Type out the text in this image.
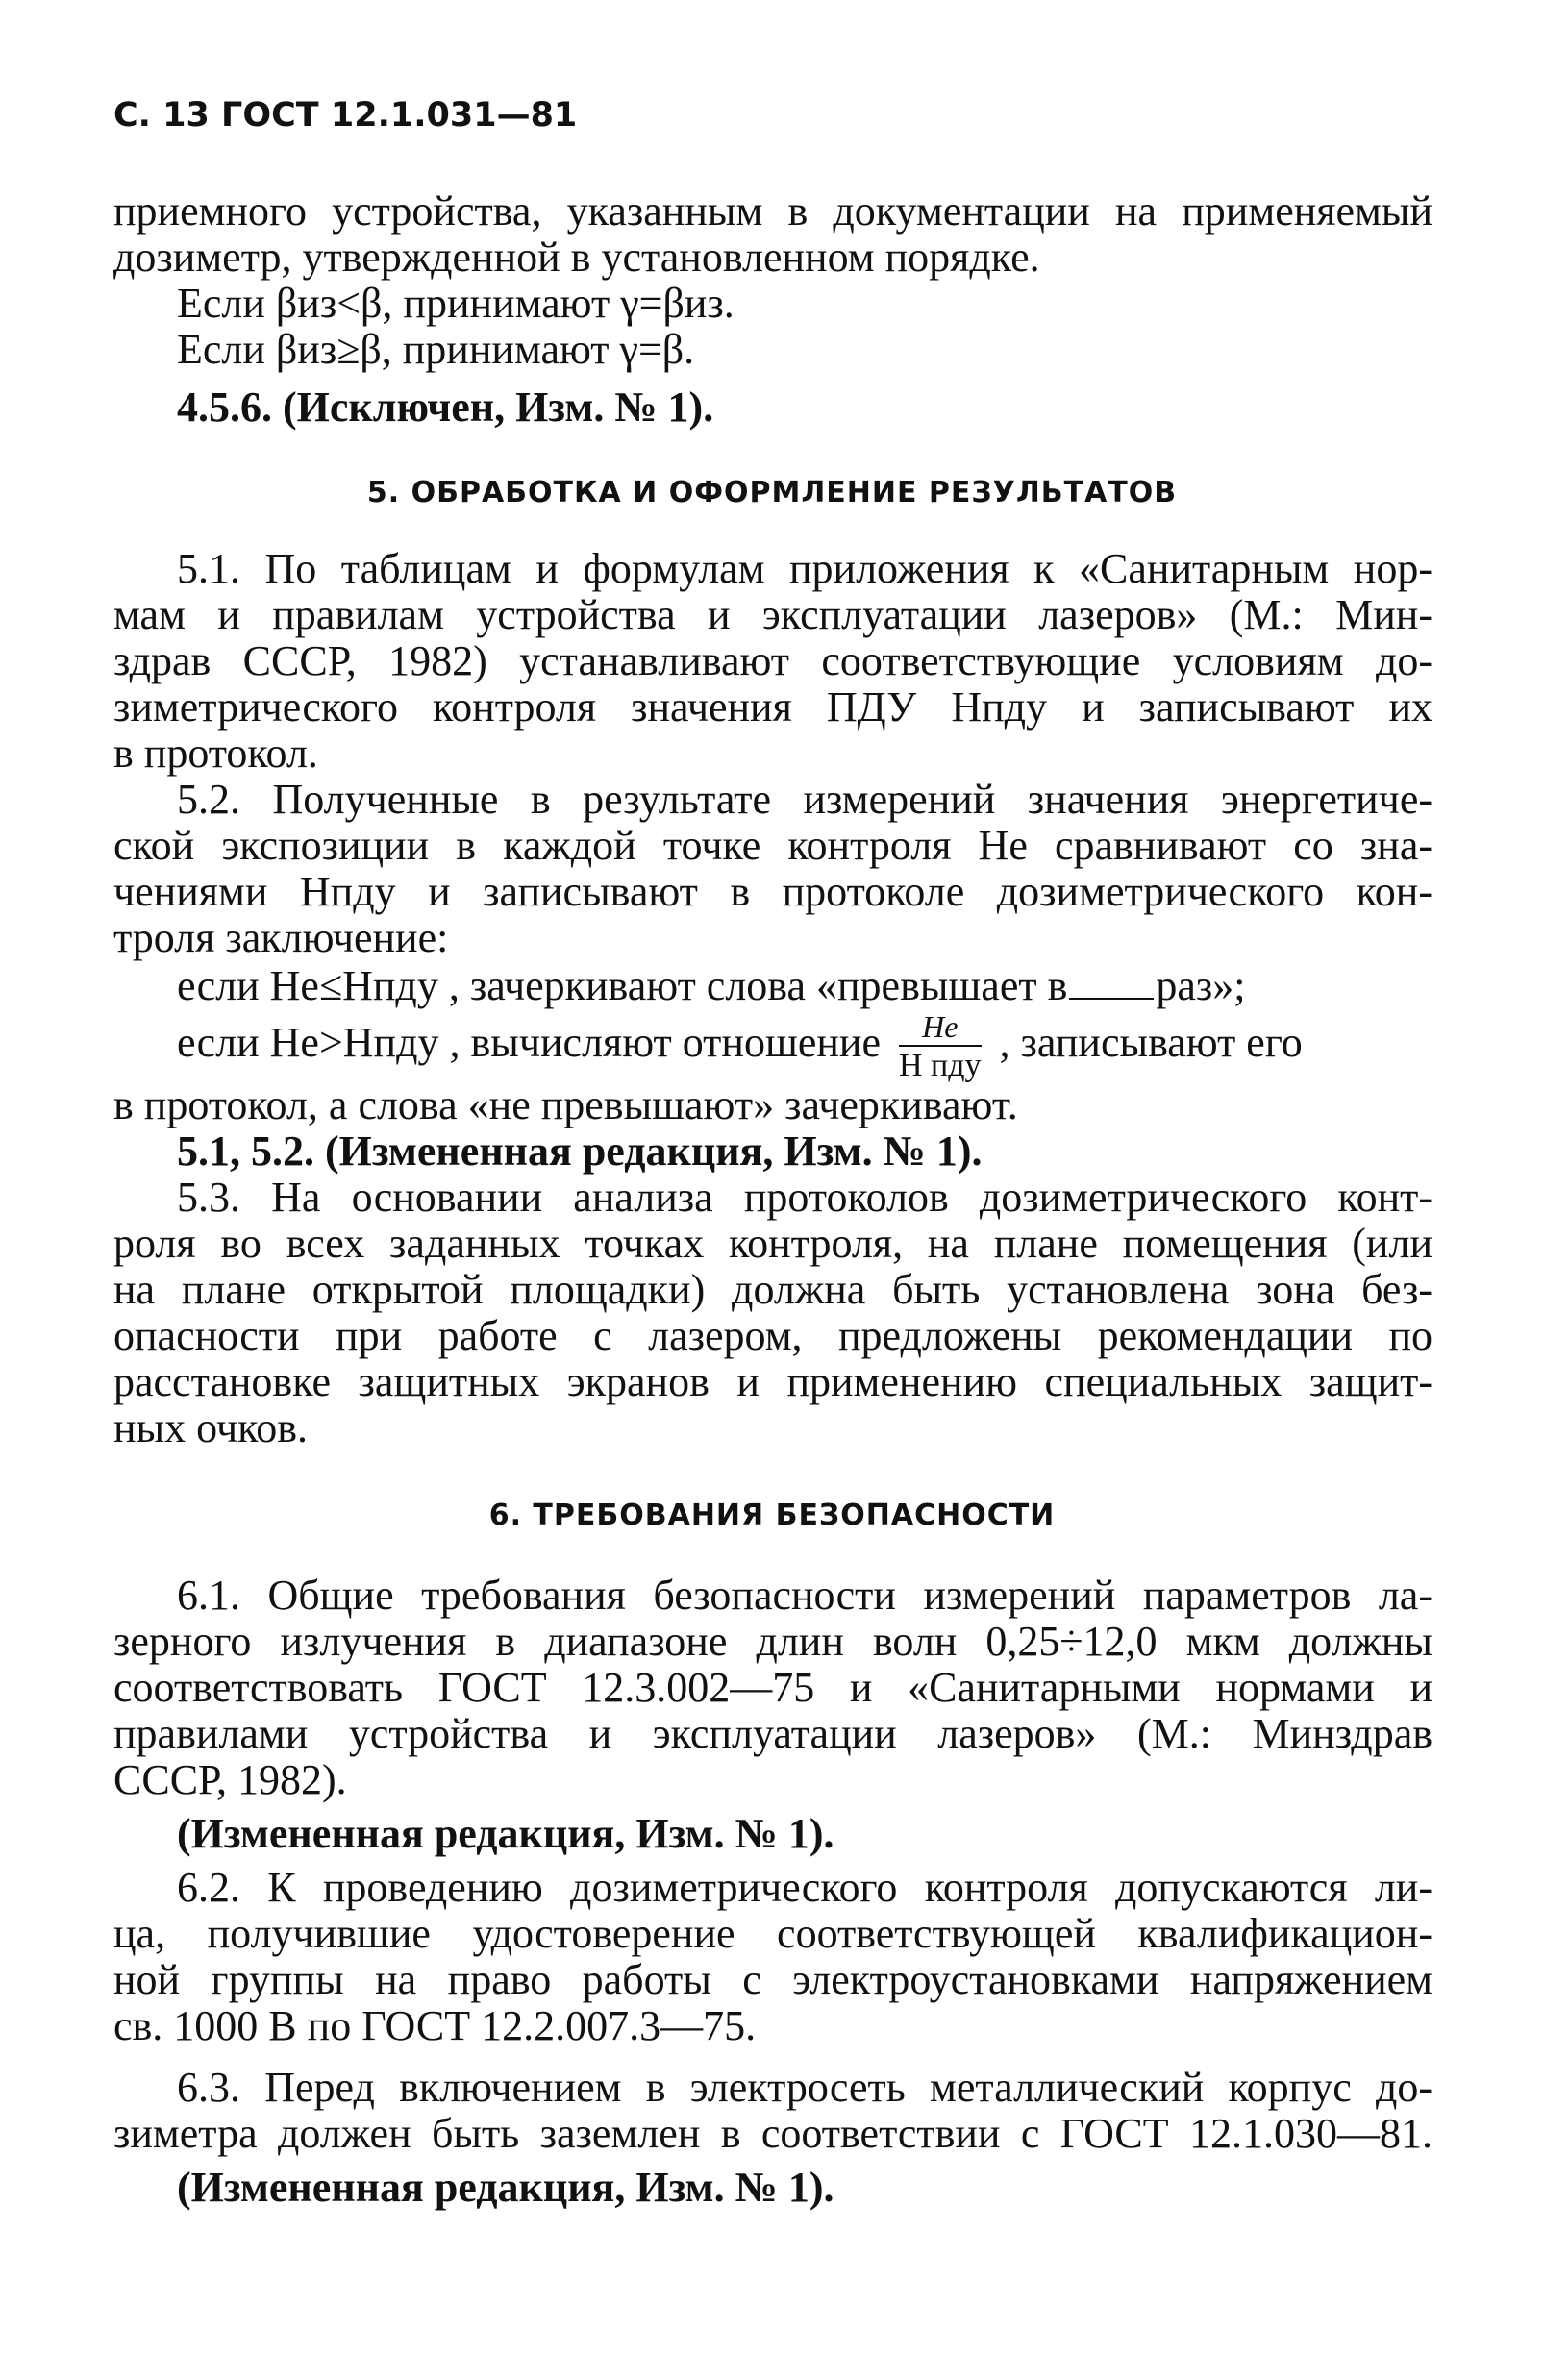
С. 13 ГОСТ 12.1.031—81
приемного устройства, указанным в документации на применяемый
дозиметр, утвержденной в установленном порядке.
Если βиз<β, принимают γ=βиз.
Если βиз≥β, принимают γ=β.
4.5.6. (Исключен, Изм. № 1).
5. ОБРАБОТКА И ОФОРМЛЕНИЕ РЕЗУЛЬТАТОВ
5.1. По таблицам и формулам приложения к «Санитарным нор-
мам и правилам устройства и эксплуатации лазеров» (М.: Мин-
здрав СССР, 1982) устанавливают соответствующие условиям до-
зиметрического контроля значения ПДУ Hпду и записывают их
в протокол.
5.2. Полученные в результате измерений значения энергетиче-
ской экспозиции в каждой точке контроля Hе сравнивают со зна-
чениями Hпду и записывают в протоколе дозиметрического кон-
троля заключение:
если Hе≤Hпду , зачеркивают слова «превышает в раз»;
если Hе>Hпду , вычисляют отношение $\frac{Hе}{\text{H пду}}$ , записывают его
в протокол, а слова «не превышают» зачеркивают.
5.1, 5.2. (Измененная редакция, Изм. № 1).
5.3. На основании анализа протоколов дозиметрического конт-
роля во всех заданных точках контроля, на плане помещения (или
на плане открытой площадки) должна быть установлена зона без-
опасности при работе с лазером, предложены рекомендации по
расстановке защитных экранов и применению специальных защит-
ных очков.
6. ТРЕБОВАНИЯ БЕЗОПАСНОСТИ
6.1. Общие требования безопасности измерений параметров ла-
зерного излучения в диапазоне длин волн 0,25÷12,0 мкм должны
соответствовать ГОСТ 12.3.002—75 и «Санитарными нормами и
правилами устройства и эксплуатации лазеров» (М.: Минздрав
СССР, 1982).
(Измененная редакция, Изм. № 1).
6.2. К проведению дозиметрического контроля допускаются ли-
ца, получившие удостоверение соответствующей квалификацион-
ной группы на право работы с электроустановками напряжением
св. 1000 В по ГОСТ 12.2.007.3—75.
6.3. Перед включением в электросеть металлический корпус до-
зиметра должен быть заземлен в соответствии с ГОСТ 12.1.030—81.
(Измененная редакция, Изм. № 1).
